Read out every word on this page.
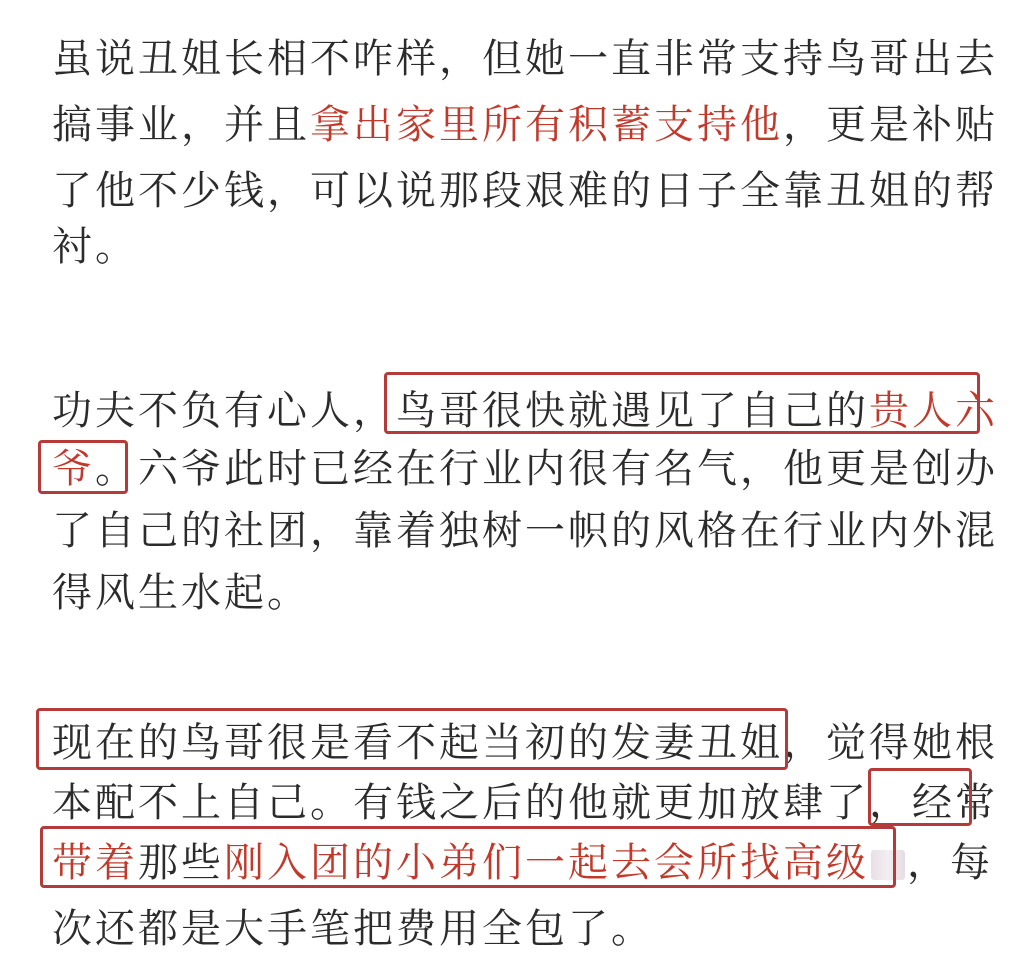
虽说丑姐长相不咋样，但她一直非常支持鸟哥出去
搞事业，并且拿出家里所有积蓄支持他，更是补贴
了他不少钱，可以说那段艰难的日子全靠丑姐的帮
衬。
功夫不负有心人，鸟哥很快就遇见了自己的贵人六
爷。六爷此时已经在行业内很有名气，他更是创办
了自己的社团，靠着独树一帜的风格在行业内外混
得风生水起。
现在的鸟哥很是看不起当初的发妻丑姐，觉得她根
本配不上自己。有钱之后的他就更加放肆了，经常
带着那些刚入团的小弟们一起去会所找高级 ，每
次还都是大手笔把费用全包了。
